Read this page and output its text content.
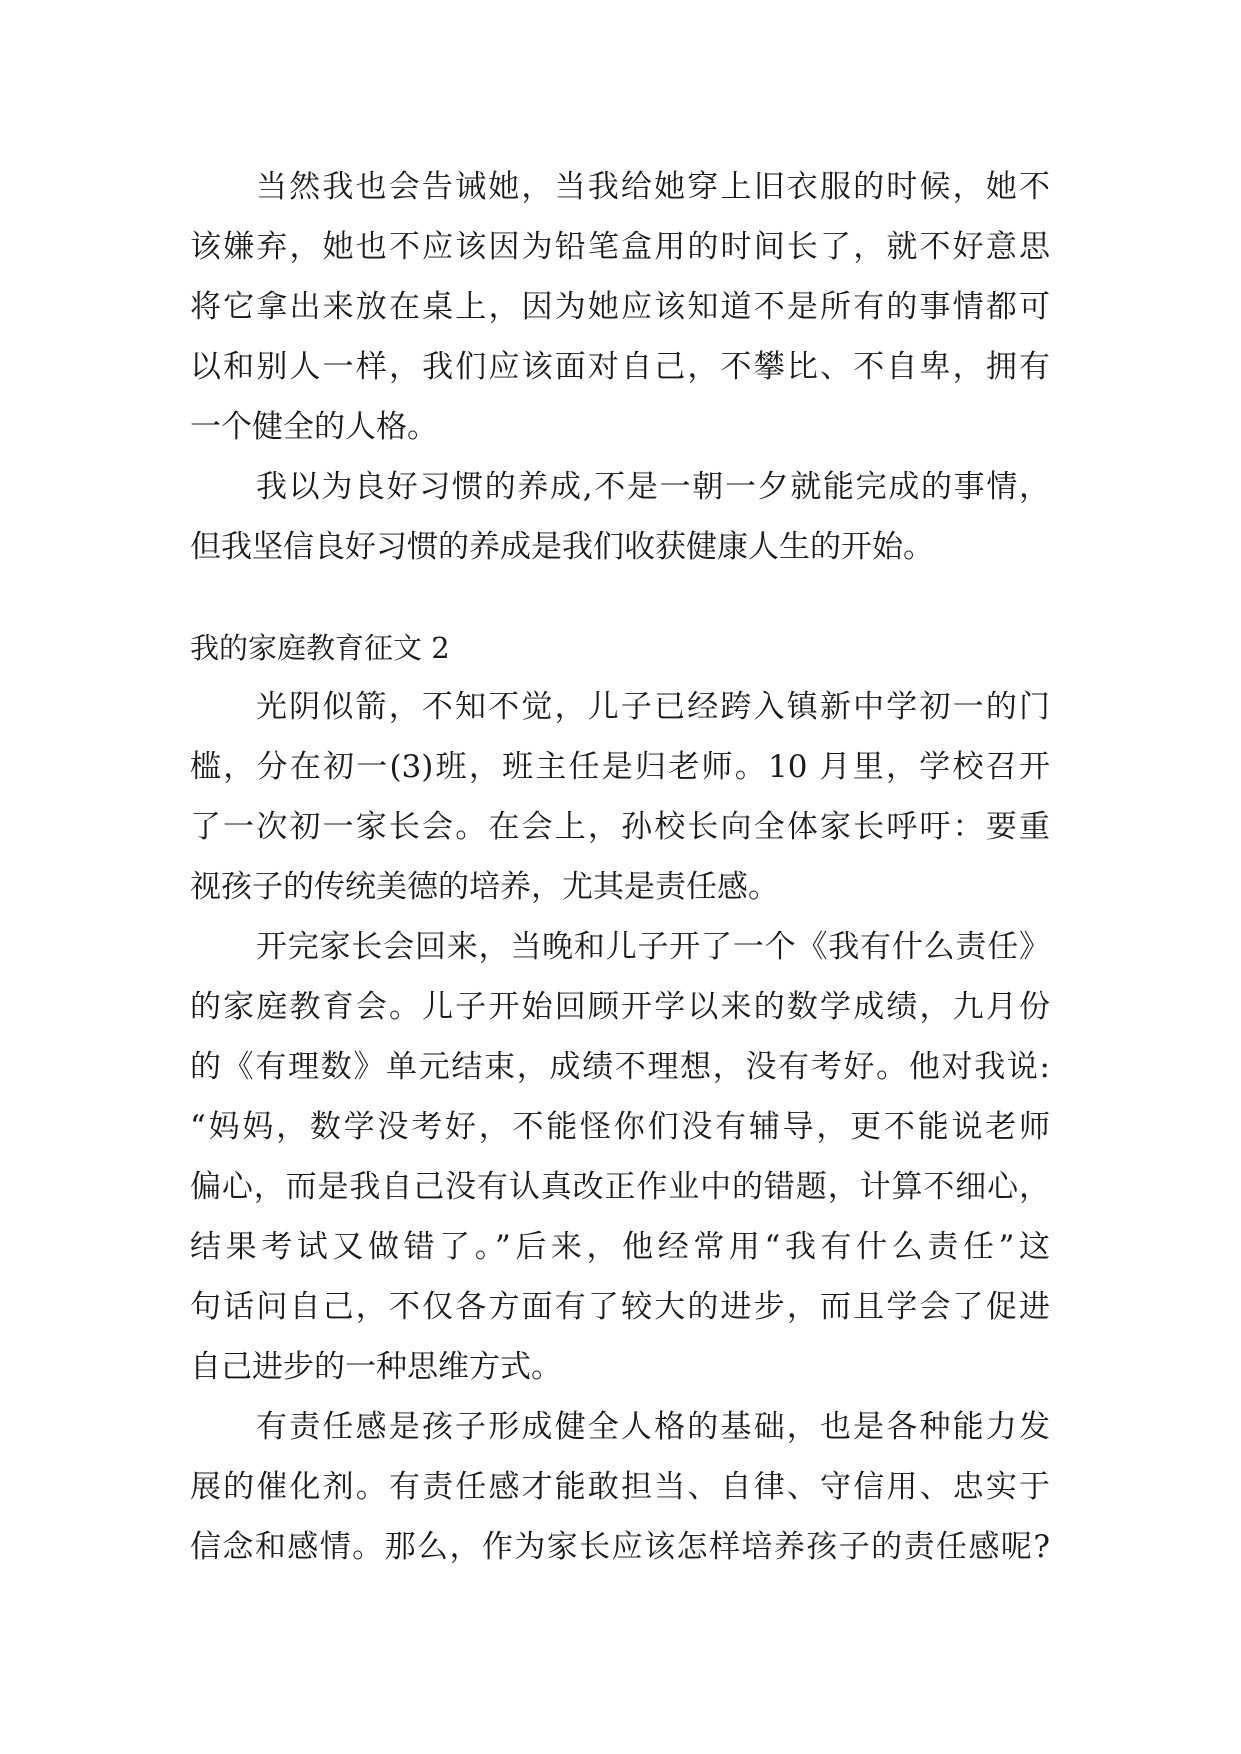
当然我也会告诫她，当我给她穿上旧衣服的时候，她不
该嫌弃，她也不应该因为铅笔盒用的时间长了，就不好意思
将它拿出来放在桌上，因为她应该知道不是所有的事情都可
以和别人一样，我们应该面对自己，不攀比、不自卑，拥有
一个健全的人格。
我以为良好习惯的养成,不是一朝一夕就能完成的事情，
但我坚信良好习惯的养成是我们收获健康人生的开始。
我的家庭教育征文 2
光阴似箭，不知不觉，儿子已经跨入镇新中学初一的门
槛，分在初一(3)班，班主任是归老师。10 月里，学校召开
了一次初一家长会。在会上，孙校长向全体家长呼吁：要重
视孩子的传统美德的培养，尤其是责任感。
开完家长会回来，当晚和儿子开了一个《我有什么责任》
的家庭教育会。儿子开始回顾开学以来的数学成绩，九月份
的《有理数》单元结束，成绩不理想，没有考好。他对我说:
“妈妈，数学没考好，不能怪你们没有辅导，更不能说老师
偏心，而是我自己没有认真改正作业中的错题，计算不细心，
结果考试又做错了。”后来，他经常用“我有什么责任”这
句话问自己，不仅各方面有了较大的进步，而且学会了促进
自己进步的一种思维方式。
有责任感是孩子形成健全人格的基础，也是各种能力发
展的催化剂。有责任感才能敢担当、自律、守信用、忠实于
信念和感情。那么，作为家长应该怎样培养孩子的责任感呢?
